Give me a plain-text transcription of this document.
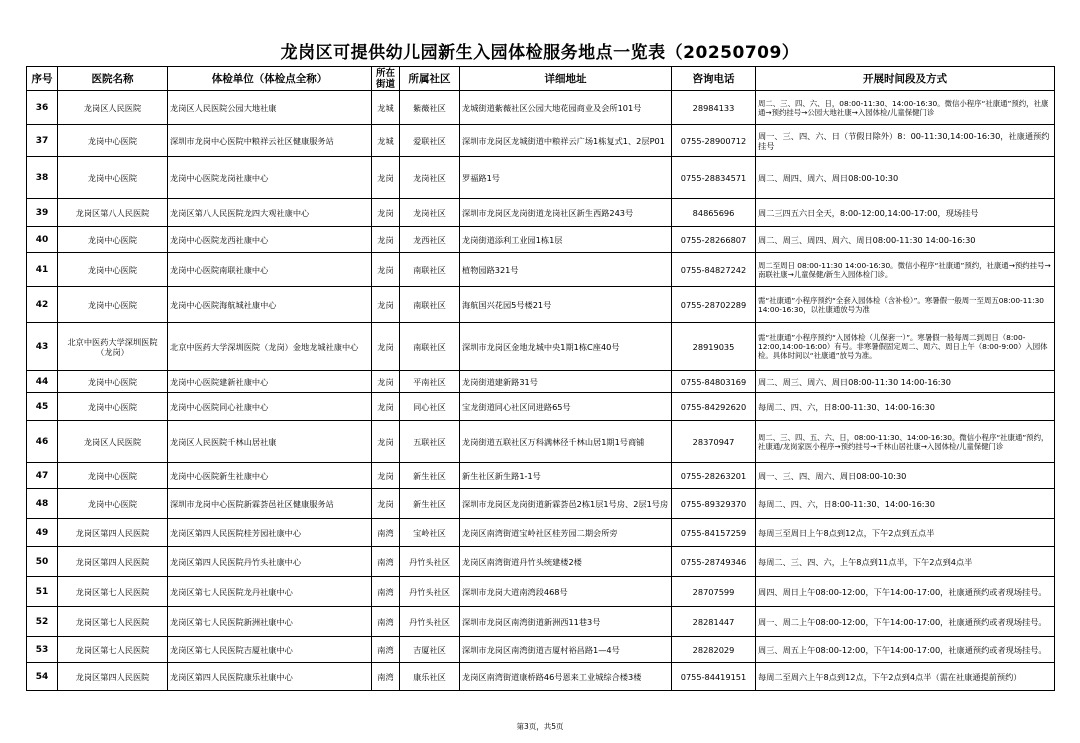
龙岗区可提供幼儿园新生入园体检服务地点一览表（20250709）
序号	医院名称	体检单位（体检点全称）	所在街道	所属社区	详细地址	咨询电话	开展时间段及方式
36	龙岗区人民医院	龙岗区人民医院公园大地社康	龙城	紫薇社区	龙城街道紫薇社区公园大地花园商业及会所101号	28984133	周二、三、四、六、日，08:00-11:30、14:00-16:30。微信小程序“社康通”预约，社康通→预约挂号→公园大地社康→入园体检/儿童保健门诊
37	龙岗中心医院	深圳市龙岗中心医院中粮祥云社区健康服务站	龙城	爱联社区	深圳市龙岗区龙城街道中粮祥云广场1栋复式1、2层P01	0755-28900712	周一、三、四、六、日（节假日除外）8：00-11:30,14:00-16:30，社康通预约挂号
38	龙岗中心医院	龙岗中心医院龙岗社康中心	龙岗	龙岗社区	罗福路1号	0755-28834571	周二、周四、周六、周日08:00-10:30
39	龙岗区第八人民医院	龙岗区第八人民医院龙四大观社康中心	龙岗	龙岗社区	深圳市龙岗区龙岗街道龙岗社区新生西路243号	84865696	周二三四五六日全天，8:00-12:00,14:00-17:00，现场挂号
40	龙岗中心医院	龙岗中心医院龙西社康中心	龙岗	龙西社区	龙岗街道添利工业园1栋1层	0755-28266807	周二、周三、周四、周六、周日08:00-11:30 14:00-16:30
41	龙岗中心医院	龙岗中心医院南联社康中心	龙岗	南联社区	植物园路321号	0755-84827242	周二至周日 08:00-11:30 14:00-16:30。微信小程序“社康通”预约，社康通→预约挂号→南联社康→儿童保健/新生入园体检门诊。
42	龙岗中心医院	龙岗中心医院海航城社康中心	龙岗	南联社区	海航国兴花园5号楼21号	0755-28702289	需“社康通”小程序预约“全套入园体检（含补检）”。寒暑假一般周一至周五08:00-11:30 14:00-16:30，以社康通放号为准
43	北京中医药大学深圳医院（龙岗）	北京中医药大学深圳医院（龙岗）金地龙城社康中心	龙岗	南联社区	深圳市龙岗区金地龙城中央1期1栋C座40号	28919035	需“社康通”小程序预约“入园体检（儿保套一）”。寒暑假一般每周二到周日（8:00-12:00,14:00-16:00）有号。非寒暑假固定周二、周六、周日上午（8:00-9:00）入园体检。具体时间以“社康通”放号为准。
44	龙岗中心医院	龙岗中心医院建新社康中心	龙岗	平南社区	龙岗街道建新路31号	0755-84803169	周二、周三、周六、周日08:00-11:30 14:00-16:30
45	龙岗中心医院	龙岗中心医院同心社康中心	龙岗	同心社区	宝龙街道同心社区同进路65号	0755-84292620	每周二、四、六，日8:00-11:30、14:00-16:30
46	龙岗区人民医院	龙岗区人民医院千林山居社康	龙岗	五联社区	龙岗街道五联社区万科满林径千林山居1期1号商铺	28370947	周二、三、四、五、六、日，08:00-11:30、14:00-16:30。微信小程序“社康通”预约，社康通/龙岗家医小程序→预约挂号→千林山居社康→入园体检/儿童保健门诊
47	龙岗中心医院	龙岗中心医院新生社康中心	龙岗	新生社区	新生社区新生路1-1号	0755-28263201	周一、三、四、周六、周日08:00-10:30
48	龙岗中心医院	深圳市龙岗中心医院新霖荟邑社区健康服务站	龙岗	新生社区	深圳市龙岗区龙岗街道新霖荟邑2栋1层1号房、2层1号房	0755-89329370	每周二、四、六，日8:00-11:30、14:00-16:30
49	龙岗区第四人民医院	龙岗区第四人民医院桂芳园社康中心	南湾	宝岭社区	龙岗区南湾街道宝岭社区桂芳园二期会所旁	0755-84157259	每周三至周日上午8点到12点，下午2点到五点半
50	龙岗区第四人民医院	龙岗区第四人民医院丹竹头社康中心	南湾	丹竹头社区	龙岗区南湾街道丹竹头统建楼2楼	0755-28749346	每周二、三、四、六，上午8点到11点半，下午2点到4点半
51	龙岗区第七人民医院	龙岗区第七人民医院龙丹社康中心	南湾	丹竹头社区	深圳市龙岗大道南湾段468号	28707599	周四、周日上午08:00-12:00，下午14:00-17:00，社康通预约或者现场挂号。
52	龙岗区第七人民医院	龙岗区第七人民医院新洲社康中心	南湾	丹竹头社区	深圳市龙岗区南湾街道新洲西11巷3号	28281447	周一、周二上午08:00-12:00，下午14:00-17:00，社康通预约或者现场挂号。
53	龙岗区第七人民医院	龙岗区第七人民医院吉厦社康中心	南湾	吉厦社区	深圳市龙岗区南湾街道吉厦村裕昌路1—4号	28282029	周三、周五上午08:00-12:00，下午14:00-17:00，社康通预约或者现场挂号。
54	龙岗区第四人民医院	龙岗区第四人民医院康乐社康中心	南湾	康乐社区	龙岗区南湾街道康桥路46号恩来工业城综合楼3楼	0755-84419151	每周二至周六上午8点到12点，下午2点到4点半（需在社康通提前预约）
第3页，共5页
